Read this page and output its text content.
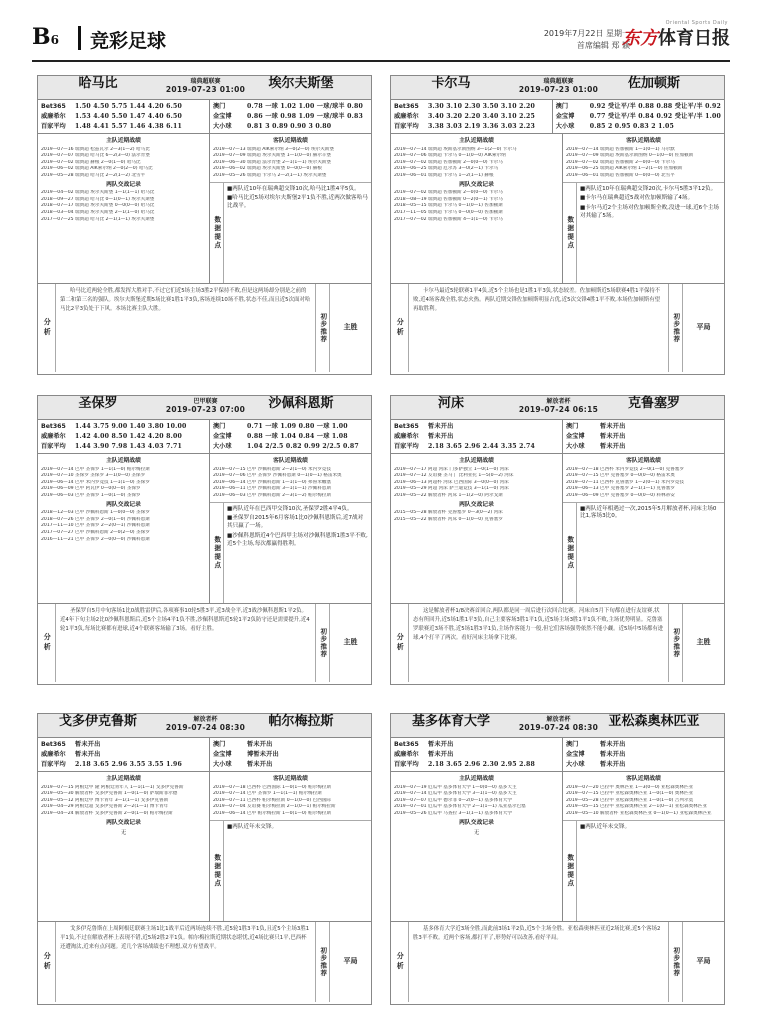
B6 竞彩足球	2019年7月22日 星期一
首席编辑 郑 颖
Oriental Sports Daily
东方体育日报
哈马比	瑞典超联赛
2019-07-23 01:00	埃尔夫斯堡
Bet365	1.50 4.50 5.75 1.44 4.20 6.50
威廉希尔	1.53 4.40 5.50 1.47 4.40 6.50
百家平均	1.48 4.41 5.57 1.46 4.38 6.11
澳门	0.78 一球 1.02 1.00 一球/球半 0.80
金宝博	0.86 一球 0.98 1.09 一球/球半 0.83
大小球	0.81 3 0.89 0.90 3 0.80
主队近期战绩
2019—07—16 瑞典超 松兹瓦尔 2—3(1—2) 哈马比
2019—07—07 瑞典超 哈马比 6—2(3—0) 法尔肯堡
2019—07—02 瑞典超 赫根 2—0(1—0) 哈马比
2019—06—02 瑞典超 AIK索尔纳 2—0(2—0) 哈马比
2019—05—28 瑞典超 哈马比 2—2(1—2) 北雪平
两队交战记录
2019—04—02 瑞典超 埃尔夫斯堡 1—1(1—1) 哈马比
2018—09—27 瑞典超 哈马比 0—1(0—1) 埃尔夫斯堡
2018—07—17 瑞典超 埃尔夫斯堡 0—0(0—0) 哈马比
2018—03—04 瑞典超 埃尔夫斯堡 2—1(1—0) 哈马比
2017—07—25 瑞典超 哈马比 2—1(1—1) 埃尔夫斯堡
客队近期战绩
2019—07—13 瑞典超 AIK索尔纳 3—0(2—0) 埃尔夫斯堡
2019—07—09 瑞典超 埃尔夫斯堡 1—1(0—0) 赫尔辛堡
2019—06—30 瑞典超 法尔肯堡 2—1(1—1) 埃尔夫斯堡
2019—06—02 瑞典超 埃尔夫斯堡 0—0(0—0) 赫根
2019—05—26 瑞典超 卡尔马 2—2(1—1) 埃尔夫斯堡
数据提点
■两队近10年在瑞典超交锋10次,哈马比1胜4平5负。
■哈马比近5场对埃尔夫斯堡2平1负不胜,近两次做客哈马比战平。
分析
哈马比近两轮全胜,都发挥大胜对手,不过它们近5场主场3胜2平保持不败,但是这两场却分别是之前的第二和第三名的强队。埃尔夫斯堡近期5场比赛1胜1平3负,客场连续10场不胜,状态不佳,而且近5次面对哈马比2平3负处于下风。本场比赛主队大胜。
初步推荐	主胜
卡尔马	瑞典超联赛
2019-07-23 01:00	佐加顿斯
Bet365	3.30 3.10 2.30 3.50 3.10 2.20
威廉希尔	3.40 3.20 2.20 3.40 3.10 2.25
百家平均	3.38 3.03 2.19 3.36 3.03 2.23
澳门	0.92 受让平/半 0.88 0.88 受让平/半 0.92
金宝博	0.77 受让平/半 0.84 0.92 受让平/半 1.00
大小球	0.85 2 0.95 0.83 2 1.05
主队近期战绩
2019—07—14 瑞典超 埃斯基尔斯图纳 3—1(2—0) 卡尔马
2019—07—06 瑞典超 卡尔马 0—1(0—0) AIK索尔纳
2019—07—02 瑞典超 佐加顿斯 2—0(0—0) 卡尔马
2019—06—25 瑞典超 厄尔苏 3—0(2—1) 卡尔马
2019—06—01 瑞典超 卡尔马 1—2(1—1) 赫根
两队交战记录
2019—07—02 瑞典超 佐加顿斯 2—0(0—0) 卡尔马
2018—08—19 瑞典超 佐加顿斯 0—2(0—1) 卡尔马
2018—05—15 瑞典超 卡尔马 0—1(0—1) 佐加顿斯
2017—11—05 瑞典超 卡尔马 0—0(0—0) 佐加顿斯
2017—07—02 瑞典超 佐加顿斯 4—1(1—0) 卡尔马
客队近期战绩
2019—07—14 瑞典超 佐加顿斯 1—1(0—1) 马尔默
2019—07—09 瑞典超 埃斯基尔斯图纳 0—1(0—0) 佐加顿斯
2019—07—02 瑞典超 佐加顿斯 2—0(0—0) 卡尔马
2019—06—25 瑞典超 AIK索尔纳 1—2(1—0) 佐加顿斯
2019—06—01 瑞典超 佐加顿斯 0—0(0—0) 北雪平
数据提点
■两队近10年在瑞典超交锋20次,卡尔马5胜3平12负。
■卡尔马在瑞典超近5战对佐加顿斯输了4场。
■卡尔马近2个主场对佐加顿斯全败,没进一球,近6个主场对其输了5场。
分析
卡尔马最近5轮联赛1平4负,近5个主场也是1胜1平3负,状态较差。佐加顿斯近5场联赛4胜1平保持不败,近4场客战全胜,状态火热。两队近期交锋佐加顿斯明显占优,近5次交锋4胜1平不败,本场佐加顿斯有望再取胜利。
初步推荐	平局
圣保罗	巴甲联赛
2019-07-23 07:00	沙佩科恩斯
Bet365	1.44 3.75 9.00 1.40 3.80 10.00
威廉希尔	1.42 4.00 8.50 1.42 4.20 8.00
百家平均	1.44 3.90 7.98 1.43 4.03 7.71
澳门	0.71 一球 1.09 0.80 一球 1.00
金宝博	0.88 一球 1.04 0.84 一球 1.08
大小球	1.04 2/2.5 0.82 0.99 2/2.5 0.87
主队近期战绩
2019—07—14 巴甲 圣保罗 1—1(1—0) 帕尔梅拉斯
2019—07—10 圣保罗 圣保罗 3—1(0—0) 圣保罗
2019—06—14 巴甲 米内罗竞技 1—1(1—0) 圣保罗
2019—06—09 巴甲 阿瓦伊 0—0(0—0) 圣保罗
2019—06—03 巴甲 圣保罗 1—0(1—0) 圣保罗
两队交战记录
2018—12—03 巴甲 沙佩科恩斯 1—0(0—0) 圣保罗
2018—07—26 巴甲 圣保罗 2—0(1—0) 沙佩科恩斯
2017—11—10 巴甲 圣保罗 2—2(0—1) 沙佩科恩斯
2017—07—27 巴甲 沙佩科恩斯 2—0(2—0) 圣保罗
2016—11—21 巴甲 圣保罗 2—0(0—0) 沙佩科恩斯
客队近期战绩
2019—07—15 巴甲 沙佩科恩斯 2—2(1—0) 米内罗竞技
2019—07—06 巴甲 圣保罗 沙佩科恩斯 0—1(0—1) 格雷米奥
2019—06—14 巴甲 沙佩科恩斯 1—1(1—0) 弗鲁米嫩塞
2019—06—11 巴甲 沙佩科恩斯 3—1(1—1) 沙佩科恩斯
2019—06—03 巴甲 沙佩科恩斯 2—3(1—2) 帕尔梅拉斯
数据提点
■两队近年在巴西甲交锋10次,圣保罗2胜4平4负。
■圣保罗自2015年6月客场1比0沙佩科恩斯后,近7战对其只赢了一场。
■沙佩科恩斯近4个巴西甲主场对沙佩科恩斯1胜3平不败,近5个主场,每次都赢得胜利。
分析
圣保罗自5月中旬客场1比0战胜雷伊后,各项赛事10轮5胜3平,近3战全平,近3战沙佩科恩斯1平2负。近4年下旬主场2比0沙佩科恩斯后,近5个主场4平1负不胜,沙佩科恩斯近5轮1平2负防守还是需要提升,近4轮1平3负,每场比赛都有进球,近4个联赛客场输了3场。看好主胜。	初步推荐	主胜
河床	解放者杯
2019-07-24 06:15	克鲁塞罗
Bet365	暂未开出
威廉希尔	暂未开出
百家平均	2.18 3.65 2.96 2.44 3.35 2.74
澳门	暂未开出
金宝博	暂未开出
大小球	暂未开出
主队近期战绩
2019—07—17 阿超 河床 门多萨独立 1—0(1—0) 河床
2019—07—12 友谊赛 圣马丁 比利亚托 1—5(0—2) 河床
2019—06—13 阿超杯 河床 巴西国际 3—0(0—0) 河床
2019—05—29 阿超 河床 萨兰迪竞技 3—1(1—0) 河床
2019—05—22 解放者杯 河床 1—1(2—0) 阿尔戈斯
两队交战记录
2015—05—28 解放者杯 克鲁塞罗 0—3(0—2) 河床
2015—05—22 解放者杯 河床 0—1(0—0) 克鲁塞罗
客队近期战绩
2019—07—18 巴西杯 米内罗竞技 2—0(1—0) 克鲁塞罗
2019—07—15 巴甲 克鲁塞罗 0—0(0—0) 格雷米奥
2019—07—11 巴西杯 克鲁塞罗 1—2(0—1) 米内罗竞技
2019—06—13 巴甲 克鲁塞罗 2—1(1—1) 克鲁塞罗
2019—06—09 巴甲 克鲁塞罗 0—0(0—0) 科林蒂安
数据提点
■两队近年相遇过一次,2015年5月解放者杯,河床主场0比1,客场3比0。
分析
这是解放者杯1/8决赛首回合,两队都是同一周后进行次回合比赛。河床自5月下旬都在进行友谊赛,状态有所回升,近5场1胜1平3负,自己主要客场3胜1平1负,近5场主场3胜1平1负不败,主场优势明显。克鲁塞罗联赛近3场不胜,近5场1胜3平1负,主场作客能力一般,但它们客场强势依然不能小觑。近5场中5场都有进球,4个打平了两次。看好河床主场拿下比赛。	初步推荐	主胜
戈多伊克鲁斯	解放者杯
2019-07-24 08:30	帕尔梅拉斯
Bet365	暂未开出
威廉希尔	暂未开出
百家平均	2.18 3.65 2.96 3.55 3.55 1.96
澳门	暂未开出
金宝博	博暂未开出
大小球	暂未开出
主队近期战绩
2019—07—15 阿根廷甲 隆 阿根廷青年人 1—1(1—1) 戈多伊克鲁斯
2019—05—30 解放者杯 戈多伊克鲁斯 1—0(1—0) 萨瑞斯菲尔德
2019—05—12 阿根廷甲 博卡青年 3—1(1—1) 戈多伊克鲁斯
2019—04—29 阿根廷超 戈多伊克鲁斯 2—2(1—1) 博卡青年
2019—04—24 解放者杯 戈多伊克鲁斯 2—0(1—0) 帕尔梅拉斯
两队交战记录
无
客队近期战绩
2019—07—18 巴西杯 巴西国际 1—0(1—0) 帕尔梅拉斯
2019—07—14 巴甲 圣保罗 1—1(1—1) 帕尔梅拉斯
2019—07—11 巴西杯 帕尔梅拉斯 0—1(0—0) 巴西国际
2019—07—04 友谊赛 帕尔梅拉斯 2—1(0—1) 帕尔梅拉斯
2019—06—14 巴甲 帕尔梅拉斯 1—0(1—0) 帕尔梅拉斯
数据提点
■两队近年未交锋。
分析
戈多伊克鲁斯在上周阿根廷联赛主场1比1战平后近两场连续不胜,近5轮1胜3平1负,且近5个主场3胜1平1负,不过在解放者杯上表现不错,近5场2胜2平1负。帕尔梅拉斯近期状态堪忧,近4场比赛只1平,巴西杯还遭淘汰,近来有点问题。近几个客场战绩也不理想,双方有望战平。	初步推荐	平局
基多体育大学	解放者杯
2019-07-24 08:30 亚松森奥林匹亚
Bet365	暂未开出
威廉希尔	暂未开出
百家平均	2.18 3.65 2.96 2.30 2.95 2.88
澳门	暂未开出
金宝博	暂未开出
大小球	暂未开出
主队近期战绩
2019—07—19 厄瓜甲 基多体育大学 1—0(0—0) 基多天主
2019—07—14 厄瓜甲 基多体育大学 3—1(1—0) 基多天主
2019—07—07 厄瓜甲 德尔菲 0—2(0—1) 基多体育大学
2019—07—01 厄瓜甲 基多体育大学 2—1(1—1) 瓜亚基尔巴塞
2019—05—26 厄瓜甲 马查拉 3—1(1—1) 基多体育大学
两队交战记录
无
客队近期战绩
2019—07—20 巴拉甲 奥林匹亚 1—3(0—0) 亚松森奥林匹亚
2019—07—15 巴拉甲 亚松森奥林匹亚 1—0(1—0) 奥林匹亚
2019—05—28 巴拉甲 亚松森奥林匹亚 1—0(1—0) 吉列尔莫
2019—05—15 巴拉甲 亚松森奥林匹亚 2—1(0—1) 亚松森奥林匹亚
2019—05—10 解放者杯 亚松森奥林匹亚 0—1(0—1) 亚松森奥林匹亚
数据提点
■两队近年未交锋。
分析
基多体育大学近3场全胜,而此前3场1平2负,近5个主场全胜。亚松森奥林匹亚近2场比赛,近5个客场2胜3平不败。近两个客场,都打平了,形势好可以改善,看好平局。
初步推荐	平局
